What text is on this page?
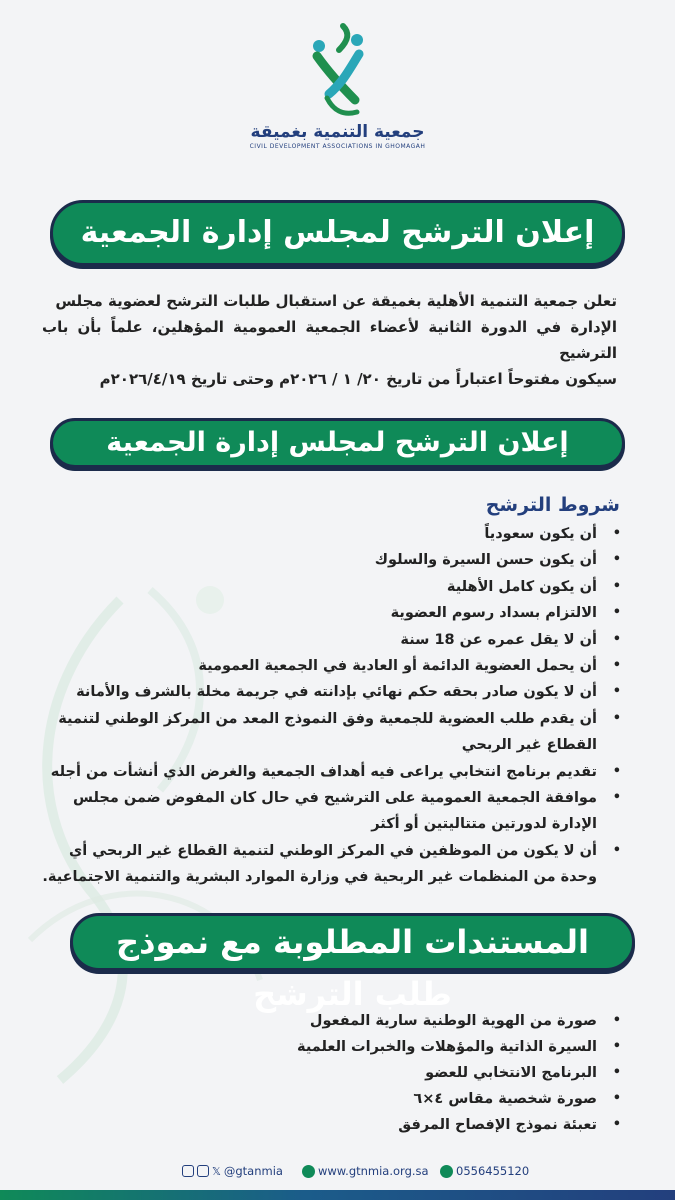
جمعية التنمية بغميقة
CIVIL DEVELOPMENT ASSOCIATIONS IN GHOMAGAH
إعلان الترشح لمجلس إدارة الجمعية

تعلن جمعية التنمية الأهلية بغميقة عن استقبال طلبات الترشح لعضوية مجلس

الإدارة في الدورة الثانية لأعضاء الجمعية العمومية المؤهلين، علماً بأن باب الترشيح

سيكون مفتوحاً اعتباراً من تاريخ ٢٠/ ١ / ٢٠٢٦م وحتى تاريخ ٢٠٢٦/٤/١٩م

إعلان الترشح لمجلس إدارة الجمعية
شروط الترشح
• أن يكون سعودياً
• أن يكون حسن السيرة والسلوك
• أن يكون كامل الأهلية
• الالتزام بسداد رسوم العضوية
• أن لا يقل عمره عن 18 سنة
• أن يحمل العضوية الدائمة أو العادية في الجمعية العمومية
• أن لا يكون صادر بحقه حكم نهائي بإدانته في جريمة مخلة بالشرف والأمانة
• أن يقدم طلب العضوية للجمعية وفق النموذج المعد من المركز الوطني لتنمية القطاع غير الربحي
• تقديم برنامج انتخابي يراعى فيه أهداف الجمعية والغرض الذي أنشأت من أجله
• موافقة الجمعية العمومية على الترشيح في حال كان المفوض ضمن مجلس الإدارة لدورتين متتاليتين أو أكثر
• أن لا يكون من الموظفين في المركز الوطني لتنمية القطاع غير الربحي أي وحدة من المنظمات غير الربحية في وزارة الموارد البشرية والتنمية الاجتماعية.
المستندات المطلوبة مع نموذج طلب الترشح
• صورة من الهوية الوطنية سارية المفعول
• السيرة الذاتية والمؤهلات والخبرات العلمية
• البرنامج الانتخابي للعضو
• صورة شخصية مقاس ٤×٦
• تعبئة نموذج الإفصاح المرفق
𝕏 @gtanmia	www.gtnmia.org.sa 0556455120
